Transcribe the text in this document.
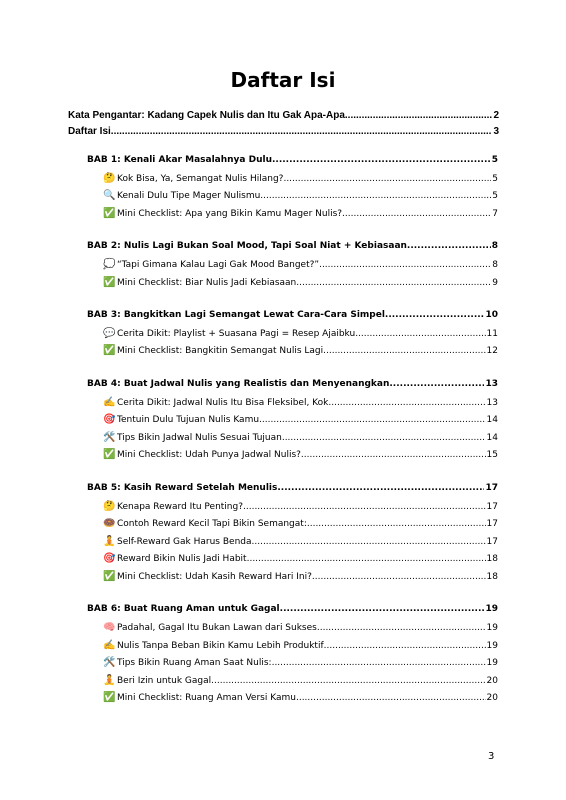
Daftar Isi
Kata Pengantar: Kadang Capek Nulis dan Itu Gak Apa-Apa .....	2
Daftar Isi .....	3
BAB 1: Kenali Akar Masalahnya Dulu .....	5
🤔 Kok Bisa, Ya, Semangat Nulis Hilang? .....	5
🔍 Kenali Dulu Tipe Mager Nulismu .....	5
✅ Mini Checklist: Apa yang Bikin Kamu Mager Nulis? .....	7
BAB 2: Nulis Lagi Bukan Soal Mood, Tapi Soal Niat + Kebiasaan .....	8
💭 “Tapi Gimana Kalau Lagi Gak Mood Banget?” .....	8
✅ Mini Checklist: Biar Nulis Jadi Kebiasaan .....	9
BAB 3: Bangkitkan Lagi Semangat Lewat Cara-Cara Simpel .....	10
💬 Cerita Dikit: Playlist + Suasana Pagi = Resep Ajaibku .....	11
✅ Mini Checklist: Bangkitin Semangat Nulis Lagi .....	12
BAB 4: Buat Jadwal Nulis yang Realistis dan Menyenangkan .....	13
✍️ Cerita Dikit: Jadwal Nulis Itu Bisa Fleksibel, Kok .....	13
🎯 Tentuin Dulu Tujuan Nulis Kamu .....	14
🛠️ Tips Bikin Jadwal Nulis Sesuai Tujuan .....	14
✅ Mini Checklist: Udah Punya Jadwal Nulis? .....	15
BAB 5: Kasih Reward Setelah Menulis .....	17
🤔 Kenapa Reward Itu Penting? .....	17
🍩 Contoh Reward Kecil Tapi Bikin Semangat: .....	17
🧘 Self-Reward Gak Harus Benda .....	17
🎯 Reward Bikin Nulis Jadi Habit .....	18
✅ Mini Checklist: Udah Kasih Reward Hari Ini? .....	18
BAB 6: Buat Ruang Aman untuk Gagal .....	19
🧠 Padahal, Gagal Itu Bukan Lawan dari Sukses .....	19
✍️ Nulis Tanpa Beban Bikin Kamu Lebih Produktif .....	19
🛠️ Tips Bikin Ruang Aman Saat Nulis: .....	19
🧘 Beri Izin untuk Gagal .....	20
✅ Mini Checklist: Ruang Aman Versi Kamu .....	20
3
